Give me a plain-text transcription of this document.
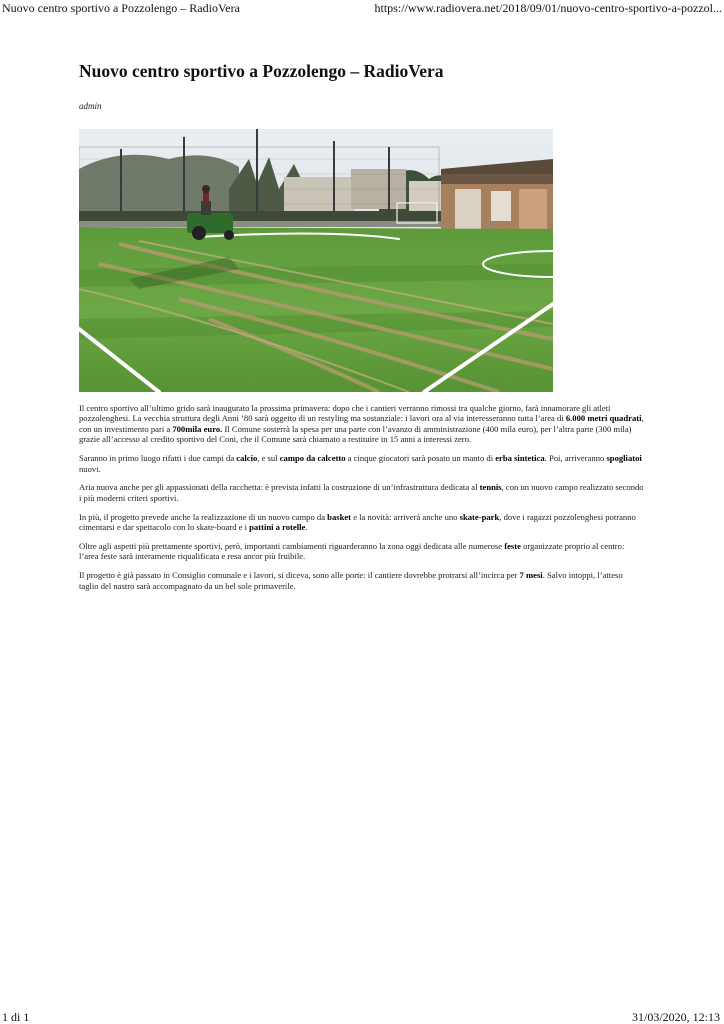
Nuovo centro sportivo a Pozzolengo – RadioVera	https://www.radiovera.net/2018/09/01/nuovo-centro-sportivo-a-pozzol...
Nuovo centro sportivo a Pozzolengo – RadioVera
admin

Il centro sportivo all’ultimo grido sarà inaugurato la prossima primavera: dopo che i cantieri verranno rimossi tra qualche giorno, farà innamorare gli atleti pozzolenghesi. La vecchia struttura degli Anni ’80 sarà oggetto di un restyling ma sostanziale: i lavori ora al via interesseranno tutta l’area di 6.000 metri quadrati, con un investimento pari a 700mila euro. Il Comune sosterrà la spesa per una parte con l’avanzo di amministrazione (400 mila euro), per l’altra parte (300 mila) grazie all’accesso al credito sportivo del Coni, che il Comune sarà chiamato a restituire in 15 anni a interessi zero.

Saranno in primo luogo rifatti i due campi da calcio, e sul campo da calcetto a cinque giocatori sarà posato un manto di erba sintetica. Poi, arriveranno spogliatoi nuovi.

Aria nuova anche per gli appassionati della racchetta: è prevista infatti la costruzione di un’infrastruttura dedicata al tennis, con un nuovo campo realizzato secondo i più moderni criteri sportivi.

In più, il progetto prevede anche la realizzazione di un nuovo campo da basket e la novità: arriverà anche uno skate-park, dove i ragazzi pozzolenghesi potranno cimentarsi e dar spettacolo con lo skate-board e i pattini a rotelle.

Oltre agli aspetti più prettamente sportivi, però, importanti cambiamenti riguarderanno la zona oggi dedicata alle numerose feste organizzate proprio al centro: l’area feste sarà interamente riqualificata e resa ancor più fruibile.

Il progetto è già passato in Consiglio comunale e i lavori, si diceva, sono alle porte: il cantiere dovrebbe protrarsi all’incirca per 7 mesi. Salvo intoppi, l’atteso taglio del nastro sarà accompagnato da un bel sole primaverile.

1 di 1	31/03/2020, 12:13
